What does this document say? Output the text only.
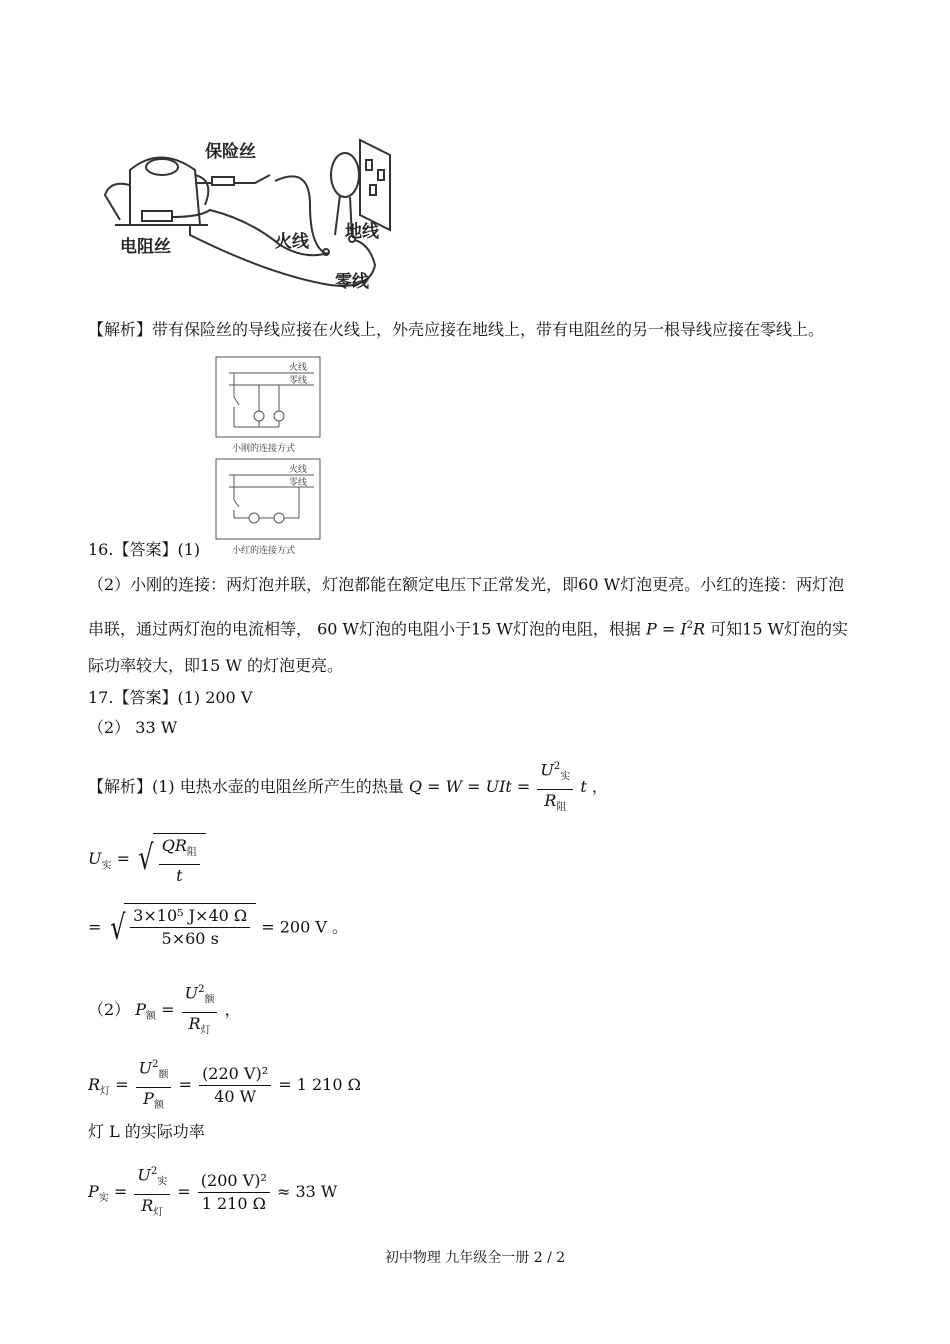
保险丝
电阻丝	火线 地线
零线
【解析】带有保险丝的导线应接在火线上，外壳应接在地线上，带有电阻丝的另一根导线应接在零线上。
火线
零线
小刚的连接方式
火线
零线
小红的连接方式
16.【答案】(1)
（2）小刚的连接：两灯泡并联，灯泡都能在额定电压下正常发光，即60 W灯泡更亮。小红的连接：两灯泡
串联，通过两灯泡的电流相等， 60 W灯泡的电阻小于15 W灯泡的电阻，根据 $P = I^2R$ 可知15 W灯泡的实
际功率较大，即15 W 的灯泡更亮。
17.【答案】(1) 200 V
（2） 33 W
【解析】(1) 电热水壶的电阻丝所产生的热量 Q = W = UIt = $\frac{U^2_实}{R_阻}$ t ，
$U_实$ = √ $\frac{QR_阻}{t}$
= √ $\frac{\text{3×10⁵ J×40 Ω}}{5\times 60 s} = 200$ V 。
（2） $P_额 = \frac{U^2_额}{R_灯}$ ，
$R_灯 = \frac{U^2_额}{P_额} = \frac{\text{(220 V)²}}{40 W} = 1$ 210 Ω
灯 L 的实际功率
$P_实 = \frac{U^2_实}{R_灯} = \frac{\text{(200 V)²}}{1 210 \Omega} \approx 33$ W
初中物理 九年级全一册 2 / 2
